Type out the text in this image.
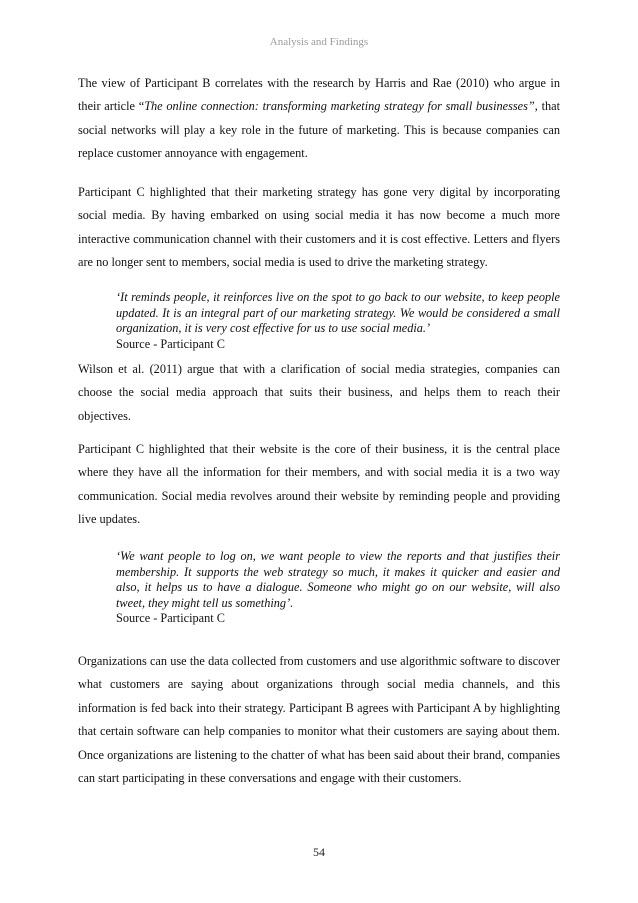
Analysis and Findings

The view of Participant B correlates with the research by Harris and Rae (2010) who argue in their article “The online connection: transforming marketing strategy for small businesses”, that social networks will play a key role in the future of marketing. This is because companies can replace customer annoyance with engagement.

Participant C highlighted that their marketing strategy has gone very digital by incorporating social media. By having embarked on using social media it has now become a much more interactive communication channel with their customers and it is cost effective. Letters and flyers are no longer sent to members, social media is used to drive the marketing strategy.

‘It reminds people, it reinforces live on the spot to go back to our website, to keep people updated. It is an integral part of our marketing strategy. We would be considered a small organization, it is very cost effective for us to use social media.’
Source - Participant C

Wilson et al. (2011) argue that with a clarification of social media strategies, companies can choose the social media approach that suits their business, and helps them to reach their objectives.

Participant C highlighted that their website is the core of their business, it is the central place where they have all the information for their members, and with social media it is a two way communication. Social media revolves around their website by reminding people and providing live updates.

‘We want people to log on, we want people to view the reports and that justifies their membership. It supports the web strategy so much, it makes it quicker and easier and also, it helps us to have a dialogue. Someone who might go on our website, will also tweet, they might tell us something’.
Source - Participant C

Organizations can use the data collected from customers and use algorithmic software to discover what customers are saying about organizations through social media channels, and this information is fed back into their strategy. Participant B agrees with Participant A by highlighting that certain software can help companies to monitor what their customers are saying about them. Once organizations are listening to the chatter of what has been said about their brand, companies can start participating in these conversations and engage with their customers.

54
